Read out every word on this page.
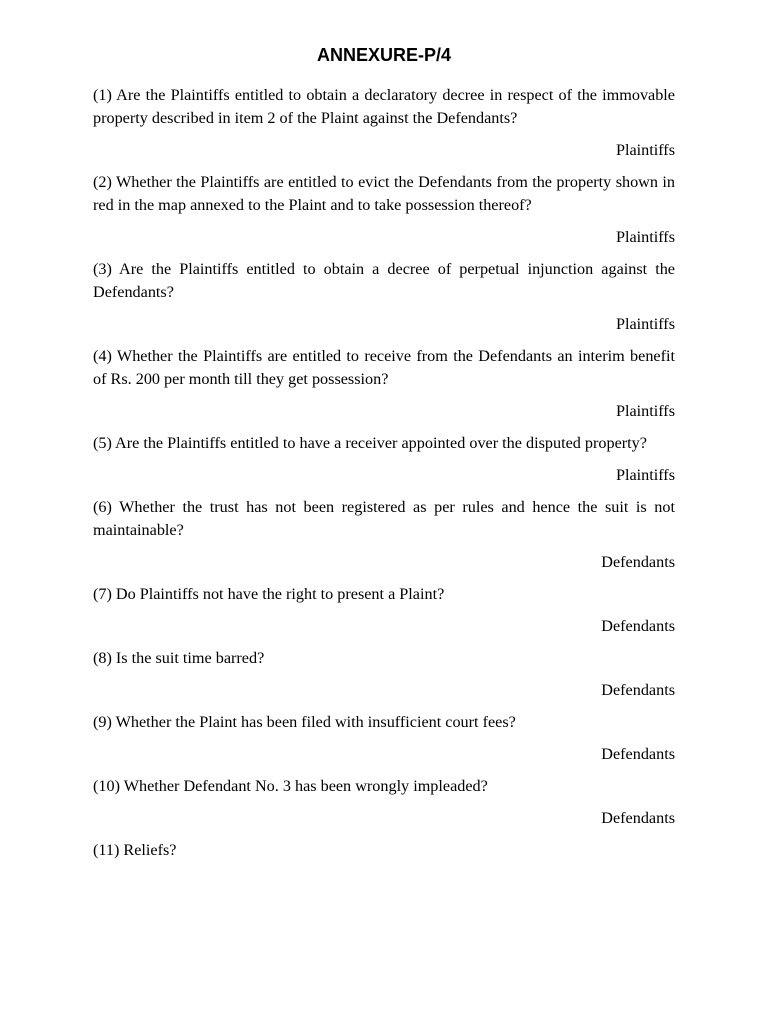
ANNEXURE-P/4

(1) Are the Plaintiffs entitled to obtain a declaratory decree in respect of the immovable property described in item 2 of the Plaint against the Defendants?

Plaintiffs

(2) Whether the Plaintiffs are entitled to evict the Defendants from the property shown in red in the map annexed to the Plaint and to take possession thereof?

Plaintiffs

(3) Are the Plaintiffs entitled to obtain a decree of perpetual injunction against the Defendants?

Plaintiffs

(4) Whether the Plaintiffs are entitled to receive from the Defendants an interim benefit of Rs. 200 per month till they get possession?

Plaintiffs

(5) Are the Plaintiffs entitled to have a receiver appointed over the disputed property?

Plaintiffs

(6) Whether the trust has not been registered as per rules and hence the suit is not maintainable?

Defendants

(7) Do Plaintiffs not have the right to present a Plaint?

Defendants

(8) Is the suit time barred?

Defendants

(9) Whether the Plaint has been filed with insufficient court fees?

Defendants

(10) Whether Defendant No. 3 has been wrongly impleaded?

Defendants

(11) Reliefs?
